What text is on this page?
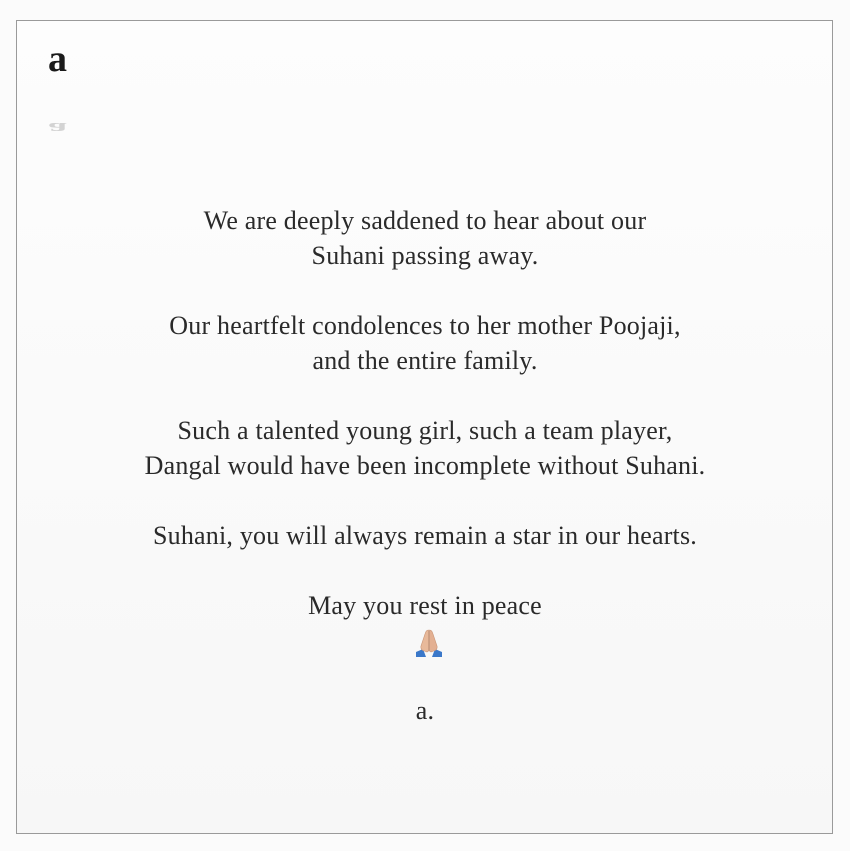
a
a

We are deeply saddened to hear about our
Suhani passing away.

Our heartfelt condolences to her mother Poojaji,
and the entire family.

Such a talented young girl, such a team player,
Dangal would have been incomplete without Suhani.

Suhani, you will always remain a star in our hearts.

May you rest in peace

a.
